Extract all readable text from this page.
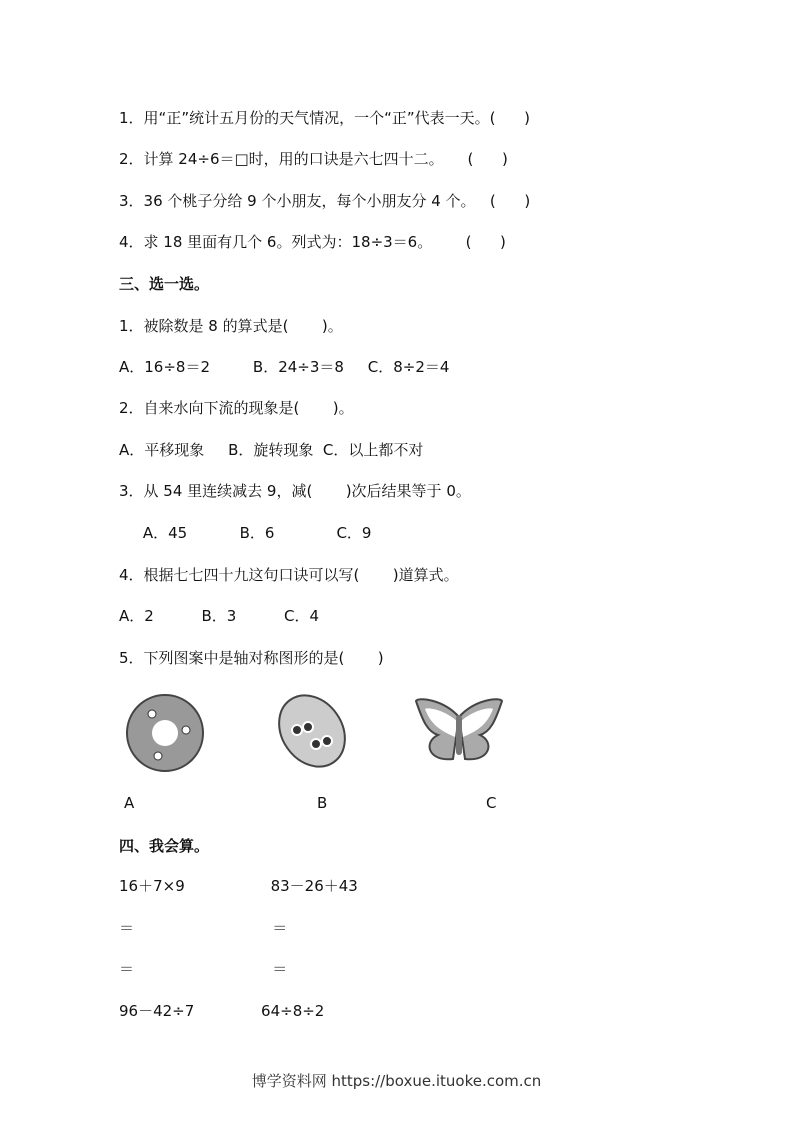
1．用“正”统计五月份的天气情况，一个“正”代表一天。(      )
2．计算 24÷6＝□时，用的口诀是六七四十二。     (      )
3．36 个桃子分给 9 个小朋友，每个小朋友分 4 个。   (      )
4．求 18 里面有几个 6。列式为：18÷3＝6。       (      )
三、选一选。
1．被除数是 8 的算式是(       )。
A．16÷8＝2         B．24÷3＝8     C．8÷2＝4
2．自来水向下流的现象是(       )。
A．平移现象     B．旋转现象  C．以上都不对
3．从 54 里连续减去 9，减(       )次后结果等于 0。
A．45           B．6             C．9
4．根据七七四十九这句口诀可以写(       )道算式。
A．2          B．3          C．4
5．下列图案中是轴对称图形的是(       )
A	B	C
四、我会算。
16＋7×9                  83－26＋43
＝                             ＝
＝                             ＝
96－42÷7              64÷8÷2
博学资料网 https://boxue.ituoke.com.cn
